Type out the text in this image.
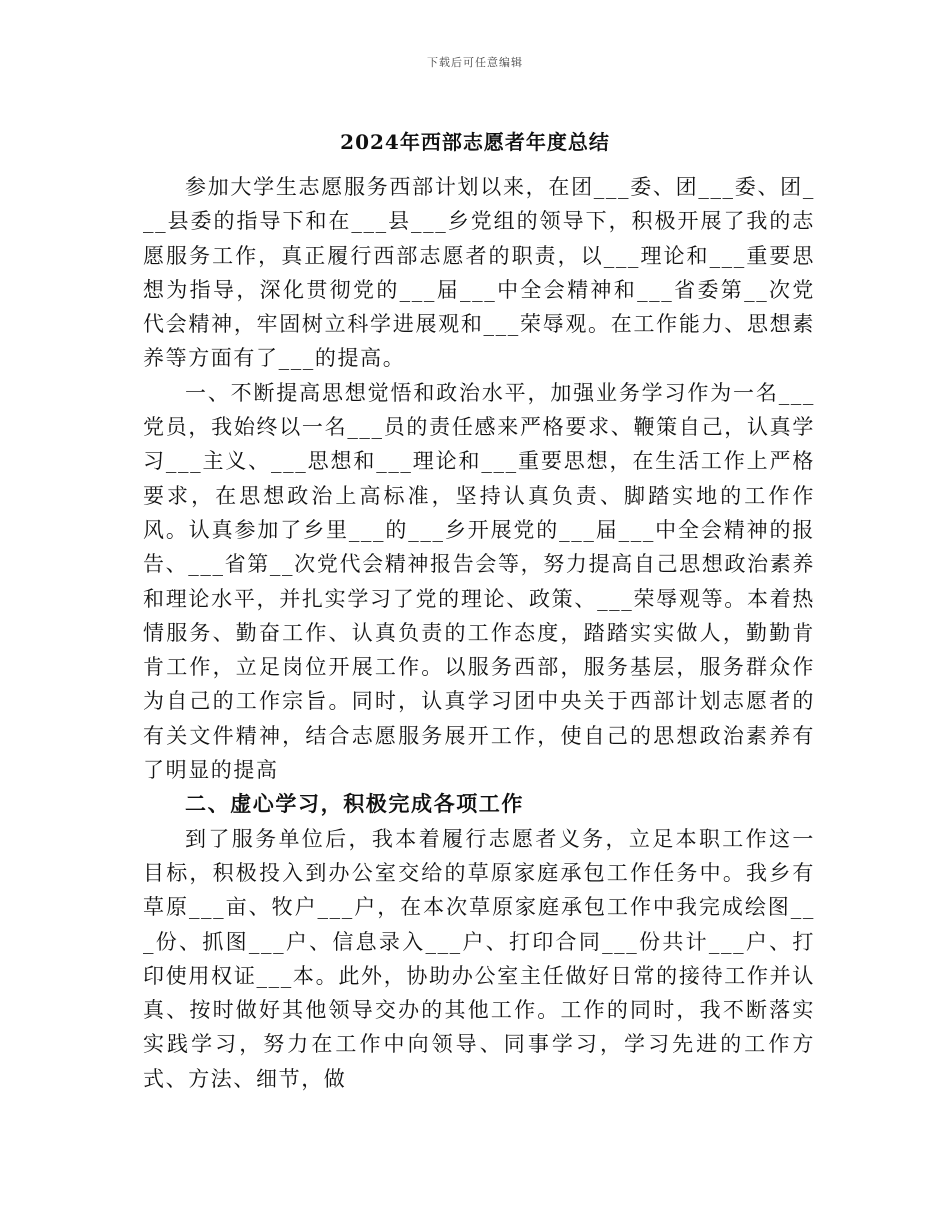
下载后可任意编辑
2024年西部志愿者年度总结

参加大学生志愿服务西部计划以来，在团___委、团___委、团___县委的指导下和在___县___乡党组的领导下，积极开展了我的志愿服务工作，真正履行西部志愿者的职责，以___理论和___重要思想为指导，深化贯彻党的___届___中全会精神和___省委第__次党代会精神，牢固树立科学进展观和___荣辱观。在工作能力、思想素养等方面有了___的提高。

一、不断提高思想觉悟和政治水平，加强业务学习作为一名___党员，我始终以一名___员的责任感来严格要求、鞭策自己，认真学习___主义、___思想和___理论和___重要思想，在生活工作上严格要求，在思想政治上高标准，坚持认真负责、脚踏实地的工作作风。认真参加了乡里___的___乡开展党的___届___中全会精神的报告、___省第__次党代会精神报告会等，努力提高自己思想政治素养和理论水平，并扎实学习了党的理论、政策、___荣辱观等。本着热情服务、勤奋工作、认真负责的工作态度，踏踏实实做人，勤勤肯肯工作，立足岗位开展工作。以服务西部，服务基层，服务群众作为自己的工作宗旨。同时，认真学习团中央关于西部计划志愿者的有关文件精神，结合志愿服务展开工作，使自己的思想政治素养有了明显的提高

二、虚心学习，积极完成各项工作

到了服务单位后，我本着履行志愿者义务，立足本职工作这一目标，积极投入到办公室交给的草原家庭承包工作任务中。我乡有草原___亩、牧户___户，在本次草原家庭承包工作中我完成绘图___份、抓图___户、信息录入___户、打印合同___份共计___户、打印使用权证___本。此外，协助办公室主任做好日常的接待工作并认真、按时做好其他领导交办的其他工作。工作的同时，我不断落实实践学习，努力在工作中向领导、同事学习，学习先进的工作方式、方法、细节，做
